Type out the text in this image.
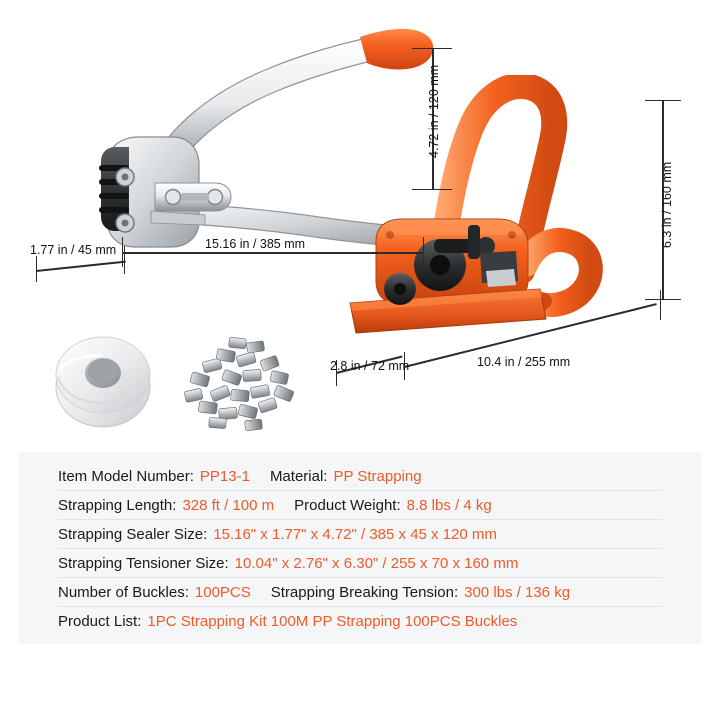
4.72 in / 120 mm
15.16 in / 385 mm
1.77 in / 45 mm
6.3 in / 160 mm
10.4 in / 255 mm
2.8 in / 72 mm
Item Model Number: PP13-1 Material: PP Strapping
Strapping Length: 328 ft / 100 m Product Weight: 8.8 lbs / 4 kg
Strapping Sealer Size: 15.16" x 1.77" x 4.72" / 385 x 45 x 120 mm
Strapping Tensioner Size: 10.04" x 2.76" x 6.30" / 255 x 70 x 160 mm
Number of Buckles: 100PCS Strapping Breaking Tension: 300 lbs / 136 kg
Product List: 1PC Strapping Kit 100M PP Strapping 100PCS Buckles
